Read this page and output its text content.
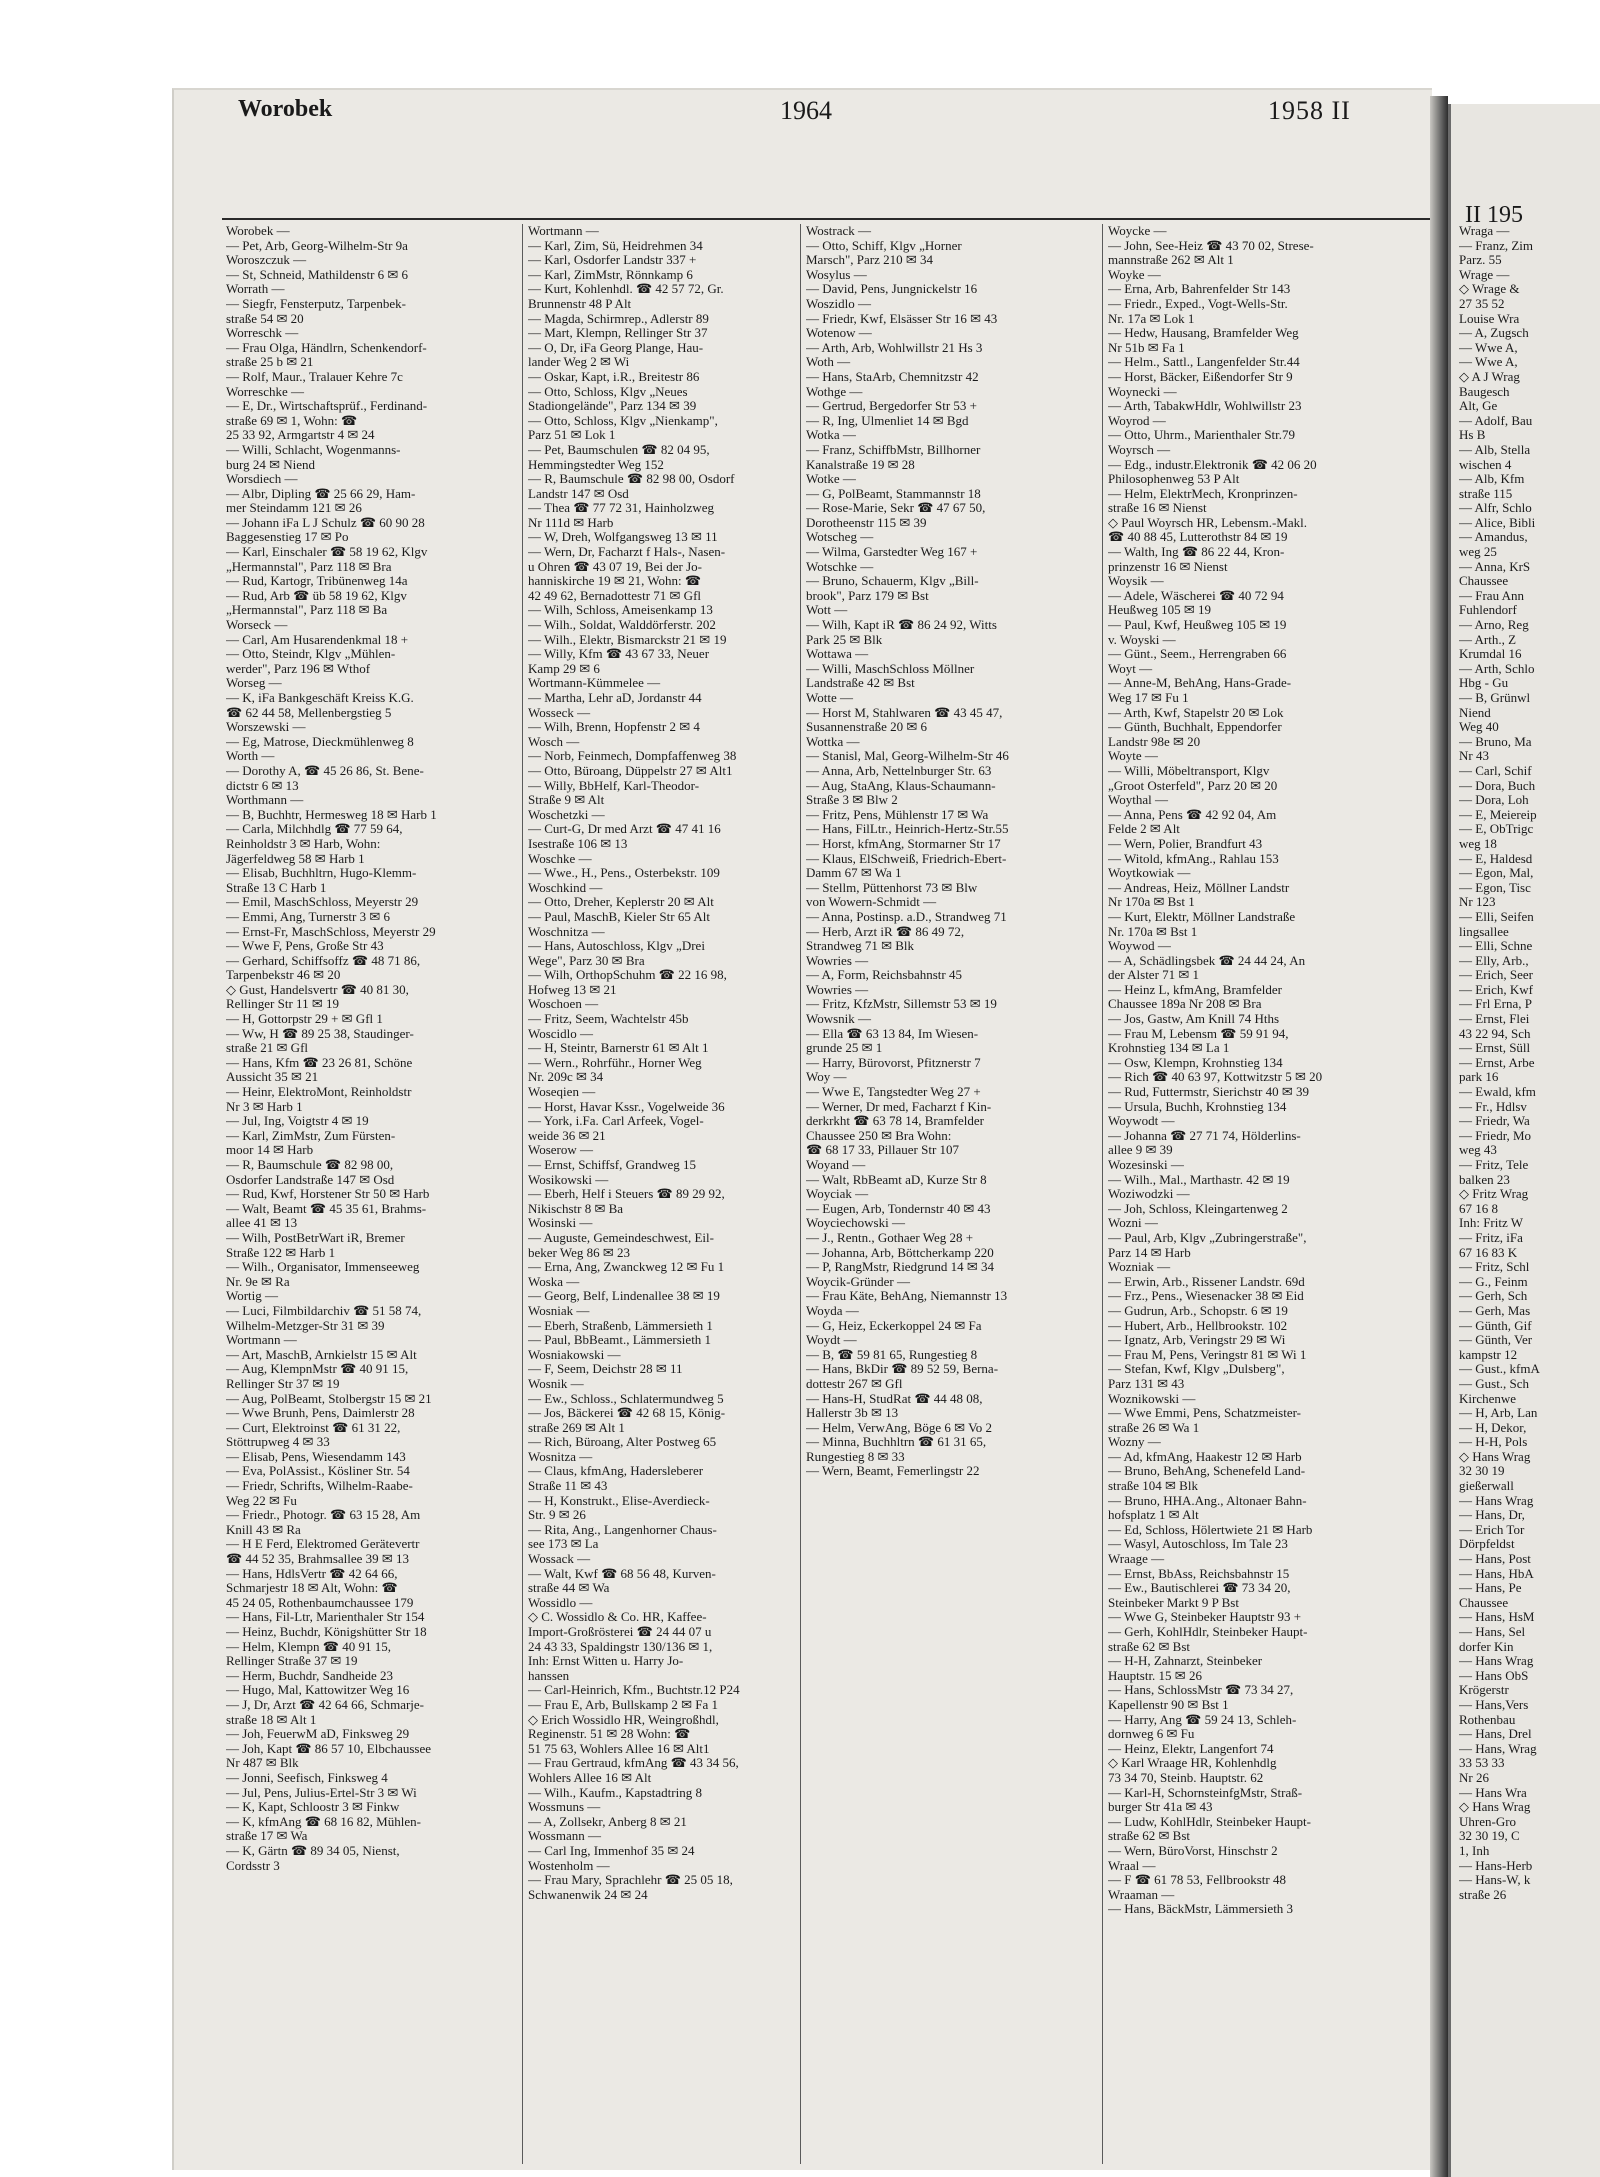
II 195
Wraga —
— Franz, Zim
Parz. 55
Wrage —
◇ Wrage &
27 35 52
Louise Wra
— A, Zugsch
— Wwe A,
— Wwe A,
◇ A J Wrag
Baugesch
Alt, Ge
— Adolf, Bau
Hs B
— Alb, Stella
wischen 4
— Alb, Kfm
straße 115
— Alfr, Schlo
— Alice, Bibli
— Amandus,
weg 25
— Anna, KrS
Chaussee
— Frau Ann
Fuhlendorf
— Arno, Reg
— Arth., Z
Krumdal 16
— Arth, Schlo
Hbg - Gu
— B, Grünwl
Niend
Weg 40
— Bruno, Ma
Nr 43
— Carl, Schif
— Dora, Buch
— Dora, Loh
— E, Meiereip
— E, ObTrigc
weg 18
— E, Haldesd
— Egon, Mal,
— Egon, Tisc
Nr 123
— Elli, Seifen
lingsallee
— Elli, Schne
— Elly, Arb.,
— Erich, Seer
— Erich, Kwf
— Frl Erna, P
— Ernst, Flei
43 22 94, Sch
— Ernst, Süll
— Ernst, Arbe
park 16
— Ewald, kfm
— Fr., Hdlsv
— Friedr, Wa
— Friedr, Mo
weg 43
— Fritz, Tele
balken 23
◇ Fritz Wrag
67 16 8
Inh: Fritz W
— Fritz, iFa
67 16 83 K
— Fritz, Schl
— G., Feinm
— Gerh, Sch
— Gerh, Mas
— Günth, Gif
— Günth, Ver
kampstr 12
— Gust., kfmA
— Gust., Sch
Kirchenwe
— H, Arb, Lan
— H, Dekor,
— H-H, Pols
◇ Hans Wrag
32 30 19
gießerwall
— Hans Wrag
— Hans, Dr,
— Erich Tor
Dörpfeldst
— Hans, Post
— Hans, HbA
— Hans, Pe
Chaussee
— Hans, HsM
— Hans, Sel
dorfer Kin
— Hans Wrag
— Hans ObS
Krögerstr
— Hans,Vers
Rothenbau
— Hans, Drel
— Hans, Wrag
33 53 33
Nr 26
— Hans Wra
◇ Hans Wrag
Uhren-Gro
32 30 19, C
1, Inh
— Hans-Herb
— Hans-W, k
straße 26
Worobek	1964	1958 II
Worobek —
— Pet, Arb, Georg-Wilhelm-Str 9a
Woroszczuk —
— St, Schneid, Mathildenstr 6 ✉ 6
Worrath —
— Siegfr, Fensterputz, Tarpenbek-
straße 54 ✉ 20
Worreschk —
— Frau Olga, Händlrn, Schenkendorf-
straße 25 b ✉ 21
— Rolf, Maur., Tralauer Kehre 7c
Worreschke —
— E, Dr., Wirtschaftsprüf., Ferdinand-
straße 69 ✉ 1, Wohn: ☎
25 33 92, Armgartstr 4 ✉ 24
— Willi, Schlacht, Wogenmanns-
burg 24 ✉ Niend
Worsdiech —
— Albr, Dipling ☎ 25 66 29, Ham-
mer Steindamm 121 ✉ 26
— Johann iFa L J Schulz ☎ 60 90 28
Baggesenstieg 17 ✉ Po
— Karl, Einschaler ☎ 58 19 62, Klgv
„Hermannstal", Parz 118 ✉ Bra
— Rud, Kartogr, Tribünenweg 14a
— Rud, Arb ☎ üb 58 19 62, Klgv
„Hermannstal", Parz 118 ✉ Ba
Worseck —
— Carl, Am Husarendenkmal 18 +
— Otto, Steindr, Klgv „Mühlen-
werder", Parz 196 ✉ Wthof
Worseg —
— K, iFa Bankgeschäft Kreiss K.G.
☎ 62 44 58, Mellenbergstieg 5
Worszewski —
— Eg, Matrose, Dieckmühlenweg 8
Worth —
— Dorothy A, ☎ 45 26 86, St. Bene-
dictstr 6 ✉ 13
Worthmann —
— B, Buchhtr, Hermesweg 18 ✉ Harb 1
— Carla, Milchhdlg ☎ 77 59 64,
Reinholdstr 3 ✉ Harb, Wohn:
Jägerfeldweg 58 ✉ Harb 1
— Elisab, Buchhltrn, Hugo-Klemm-
Straße 13 C Harb 1
— Emil, MaschSchloss, Meyerstr 29
— Emmi, Ang, Turnerstr 3 ✉ 6
— Ernst-Fr, MaschSchloss, Meyerstr 29
— Wwe F, Pens, Große Str 43
— Gerhard, Schiffsoffz ☎ 48 71 86,
Tarpenbekstr 46 ✉ 20
◇ Gust, Handelsvertr ☎ 40 81 30,
Rellinger Str 11 ✉ 19
— H, Gottorpstr 29 + ✉ Gfl 1
— Ww, H ☎ 89 25 38, Staudinger-
straße 21 ✉ Gfl
— Hans, Kfm ☎ 23 26 81, Schöne
Aussicht 35 ✉ 21
— Heinr, ElektroMont, Reinholdstr
Nr 3 ✉ Harb 1
— Jul, Ing, Voigtstr 4 ✉ 19
— Karl, ZimMstr, Zum Fürsten-
moor 14 ✉ Harb
— R, Baumschule ☎ 82 98 00,
Osdorfer Landstraße 147 ✉ Osd
— Rud, Kwf, Horstener Str 50 ✉ Harb
— Walt, Beamt ☎ 45 35 61, Brahms-
allee 41 ✉ 13
— Wilh, PostBetrWart iR, Bremer
Straße 122 ✉ Harb 1
— Wilh., Organisator, Immenseeweg
Nr. 9e ✉ Ra
Wortig —
— Luci, Filmbildarchiv ☎ 51 58 74,
Wilhelm-Metzger-Str 31 ✉ 39
Wortmann —
— Art, MaschB, Arnkielstr 15 ✉ Alt
— Aug, KlempnMstr ☎ 40 91 15,
Rellinger Str 37 ✉ 19
— Aug, PolBeamt, Stolbergstr 15 ✉ 21
— Wwe Brunh, Pens, Daimlerstr 28
— Curt, Elektroinst ☎ 61 31 22,
Stöttrupweg 4 ✉ 33
— Elisab, Pens, Wiesendamm 143
— Eva, PolAssist., Kösliner Str. 54
— Friedr, Schrifts, Wilhelm-Raabe-
Weg 22 ✉ Fu
— Friedr., Photogr. ☎ 63 15 28, Am
Knill 43 ✉ Ra
— H E Ferd, Elektromed Gerätevertr
☎ 44 52 35, Brahmsallee 39 ✉ 13
— Hans, HdlsVertr ☎ 42 64 66,
Schmarjestr 18 ✉ Alt, Wohn: ☎
45 24 05, Rothenbaumchaussee 179
— Hans, Fil-Ltr, Marienthaler Str 154
— Heinz, Buchdr, Königshütter Str 18
— Helm, Klempn ☎ 40 91 15,
Rellinger Straße 37 ✉ 19
— Herm, Buchdr, Sandheide 23
— Hugo, Mal, Kattowitzer Weg 16
— J, Dr, Arzt ☎ 42 64 66, Schmarje-
straße 18 ✉ Alt 1
— Joh, FeuerwM aD, Finksweg 29
— Joh, Kapt ☎ 86 57 10, Elbchaussee
Nr 487 ✉ Blk
— Jonni, Seefisch, Finksweg 4
— Jul, Pens, Julius-Ertel-Str 3 ✉ Wi
— K, Kapt, Schloostr 3 ✉ Finkw
— K, kfmAng ☎ 68 16 82, Mühlen-
straße 17 ✉ Wa
— K, Gärtn ☎ 89 34 05, Nienst,
Cordsstr 3
Wortmann —
— Karl, Zim, Sü, Heidrehmen 34
— Karl, Osdorfer Landstr 337 +
— Karl, ZimMstr, Rönnkamp 6
— Kurt, Kohlenhdl. ☎ 42 57 72, Gr.
Brunnenstr 48 P Alt
— Magda, Schirmrep., Adlerstr 89
— Mart, Klempn, Rellinger Str 37
— O, Dr, iFa Georg Plange, Hau-
lander Weg 2 ✉ Wi
— Oskar, Kapt, i.R., Breitestr 86
— Otto, Schloss, Klgv „Neues
Stadiongelände", Parz 134 ✉ 39
— Otto, Schloss, Klgv „Nienkamp",
Parz 51 ✉ Lok 1
— Pet, Baumschulen ☎ 82 04 95,
Hemmingstedter Weg 152
— R, Baumschule ☎ 82 98 00, Osdorf
Landstr 147 ✉ Osd
— Thea ☎ 77 72 31, Hainholzweg
Nr 111d ✉ Harb
— W, Dreh, Wolfgangsweg 13 ✉ 11
— Wern, Dr, Facharzt f Hals-, Nasen-
u Ohren ☎ 43 07 19, Bei der Jo-
hanniskirche 19 ✉ 21, Wohn: ☎
42 49 62, Bernadottestr 71 ✉ Gfl
— Wilh, Schloss, Ameisenkamp 13
— Wilh., Soldat, Walddörferstr. 202
— Wilh., Elektr, Bismarckstr 21 ✉ 19
— Willy, Kfm ☎ 43 67 33, Neuer
Kamp 29 ✉ 6
Wortmann-Kümmelee —
— Martha, Lehr aD, Jordanstr 44
Wosseck —
— Wilh, Brenn, Hopfenstr 2 ✉ 4
Wosch —
— Norb, Feinmech, Dompfaffenweg 38
— Otto, Büroang, Düppelstr 27 ✉ Alt1
— Willy, BbHelf, Karl-Theodor-
Straße 9 ✉ Alt
Woschetzki —
— Curt-G, Dr med Arzt ☎ 47 41 16
Isestraße 106 ✉ 13
Woschke —
— Wwe., H., Pens., Osterbekstr. 109
Woschkind —
— Otto, Dreher, Keplerstr 20 ✉ Alt
— Paul, MaschB, Kieler Str 65 Alt
Woschnitza —
— Hans, Autoschloss, Klgv „Drei
Wege", Parz 30 ✉ Bra
— Wilh, OrthopSchuhm ☎ 22 16 98,
Hofweg 13 ✉ 21
Woschoen —
— Fritz, Seem, Wachtelstr 45b
Woscidlo —
— H, Steintr, Barnerstr 61 ✉ Alt 1
— Wern., Rohrführ., Horner Weg
Nr. 209c ✉ 34
Woseqien —
— Horst, Havar Kssr., Vogelweide 36
— York, i.Fa. Carl Arfeek, Vogel-
weide 36 ✉ 21
Woserow —
— Ernst, Schiffsf, Grandweg 15
Wosikowski —
— Eberh, Helf i Steuers ☎ 89 29 92,
Nikischstr 8 ✉ Ba
Wosinski —
— Auguste, Gemeindeschwest, Eil-
beker Weg 86 ✉ 23
— Erna, Ang, Zwanckweg 12 ✉ Fu 1
Woska —
— Georg, Belf, Lindenallee 38 ✉ 19
Wosniak —
— Eberh, Straßenb, Lämmersieth 1
— Paul, BbBeamt., Lämmersieth 1
Wosniakowski —
— F, Seem, Deichstr 28 ✉ 11
Wosnik —
— Ew., Schloss., Schlatermundweg 5
— Jos, Bäckerei ☎ 42 68 15, König-
straße 269 ✉ Alt 1
— Rich, Büroang, Alter Postweg 65
Wosnitza —
— Claus, kfmAng, Hadersleberer
Straße 11 ✉ 43
— H, Konstrukt., Elise-Averdieck-
Str. 9 ✉ 26
— Rita, Ang., Langenhorner Chaus-
see 173 ✉ La
Wossack —
— Walt, Kwf ☎ 68 56 48, Kurven-
straße 44 ✉ Wa
Wossidlo —
◇ C. Wossidlo & Co. HR, Kaffee-
Import-Großrösterei ☎ 24 44 07 u
24 43 33, Spaldingstr 130/136 ✉ 1,
Inh: Ernst Witten u. Harry Jo-
hanssen
— Carl-Heinrich, Kfm., Buchtstr.12 P24
— Frau E, Arb, Bullskamp 2 ✉ Fa 1
◇ Erich Wossidlo HR, Weingroßhdl,
Reginenstr. 51 ✉ 28 Wohn: ☎
51 75 63, Wohlers Allee 16 ✉ Alt1
— Frau Gertraud, kfmAng ☎ 43 34 56,
Wohlers Allee 16 ✉ Alt
— Wilh., Kaufm., Kapstadtring 8
Wossmuns —
— A, Zollsekr, Anberg 8 ✉ 21
Wossmann —
— Carl Ing, Immenhof 35 ✉ 24
Wostenholm —
— Frau Mary, Sprachlehr ☎ 25 05 18,
Schwanenwik 24 ✉ 24
Wostrack —
— Otto, Schiff, Klgv „Horner
Marsch", Parz 210 ✉ 34
Wosylus —
— David, Pens, Jungnickelstr 16
Woszidlo —
— Friedr, Kwf, Elsässer Str 16 ✉ 43
Wotenow —
— Arth, Arb, Wohlwillstr 21 Hs 3
Woth —
— Hans, StaArb, Chemnitzstr 42
Wothge —
— Gertrud, Bergedorfer Str 53 +
— R, Ing, Ulmenliet 14 ✉ Bgd
Wotka —
— Franz, SchiffbMstr, Billhorner
Kanalstraße 19 ✉ 28
Wotke —
— G, PolBeamt, Stammannstr 18
— Rose-Marie, Sekr ☎ 47 67 50,
Dorotheenstr 115 ✉ 39
Wotscheg —
— Wilma, Garstedter Weg 167 +
Wotschke —
— Bruno, Schauerm, Klgv „Bill-
brook", Parz 179 ✉ Bst
Wott —
— Wilh, Kapt iR ☎ 86 24 92, Witts
Park 25 ✉ Blk
Wottawa —
— Willi, MaschSchloss Möllner
Landstraße 42 ✉ Bst
Wotte —
— Horst M, Stahlwaren ☎ 43 45 47,
Susannenstraße 20 ✉ 6
Wottka —
— Stanisl, Mal, Georg-Wilhelm-Str 46
— Anna, Arb, Nettelnburger Str. 63
— Aug, StaAng, Klaus-Schaumann-
Straße 3 ✉ Blw 2
— Fritz, Pens, Mühlenstr 17 ✉ Wa
— Hans, FilLtr., Heinrich-Hertz-Str.55
— Horst, kfmAng, Stormarner Str 17
— Klaus, ElSchweiß, Friedrich-Ebert-
Damm 67 ✉ Wa 1
— Stellm, Püttenhorst 73 ✉ Blw
von Wowern-Schmidt —
— Anna, Postinsp. a.D., Strandweg 71
— Herb, Arzt iR ☎ 86 49 72,
Strandweg 71 ✉ Blk
Wowries —
— A, Form, Reichsbahnstr 45
Wowries —
— Fritz, KfzMstr, Sillemstr 53 ✉ 19
Wowsnik —
— Ella ☎ 63 13 84, Im Wiesen-
grunde 25 ✉ 1
— Harry, Bürovorst, Pfitznerstr 7
Woy —
— Wwe E, Tangstedter Weg 27 +
— Werner, Dr med, Facharzt f Kin-
derkrkht ☎ 63 78 14, Bramfelder
Chaussee 250 ✉ Bra Wohn:
☎ 68 17 33, Pillauer Str 107
Woyand —
— Walt, RbBeamt aD, Kurze Str 8
Woyciak —
— Eugen, Arb, Tondernstr 40 ✉ 43
Woyciechowski —
— J., Rentn., Gothaer Weg 28 +
— Johanna, Arb, Böttcherkamp 220
— P, RangMstr, Riedgrund 14 ✉ 34
Woycik-Gründer —
— Frau Käte, BehAng, Niemannstr 13
Woyda —
— G, Heiz, Eckerkoppel 24 ✉ Fa
Woydt —
— B, ☎ 59 81 65, Rungestieg 8
— Hans, BkDir ☎ 89 52 59, Berna-
dottestr 267 ✉ Gfl
— Hans-H, StudRat ☎ 44 48 08,
Hallerstr 3b ✉ 13
— Helm, VerwAng, Böge 6 ✉ Vo 2
— Minna, Buchhltrn ☎ 61 31 65,
Rungestieg 8 ✉ 33
— Wern, Beamt, Femerlingstr 22
Woycke —
— John, See-Heiz ☎ 43 70 02, Strese-
mannstraße 262 ✉ Alt 1
Woyke —
— Erna, Arb, Bahrenfelder Str 143
— Friedr., Exped., Vogt-Wells-Str.
Nr. 17a ✉ Lok 1
— Hedw, Hausang, Bramfelder Weg
Nr 51b ✉ Fa 1
— Helm., Sattl., Langenfelder Str.44
— Horst, Bäcker, Eißendorfer Str 9
Woynecki —
— Arth, TabakwHdlr, Wohlwillstr 23
Woyrod —
— Otto, Uhrm., Marienthaler Str.79
Woyrsch —
— Edg., industr.Elektronik ☎ 42 06 20
Philosophenweg 53 P Alt
— Helm, ElektrMech, Kronprinzen-
straße 16 ✉ Nienst
◇ Paul Woyrsch HR, Lebensm.-Makl.
☎ 40 88 45, Lutterothstr 84 ✉ 19
— Walth, Ing ☎ 86 22 44, Kron-
prinzenstr 16 ✉ Nienst
Woysik —
— Adele, Wäscherei ☎ 40 72 94
Heußweg 105 ✉ 19
— Paul, Kwf, Heußweg 105 ✉ 19
v. Woyski —
— Günt., Seem., Herrengraben 66
Woyt —
— Anne-M, BehAng, Hans-Grade-
Weg 17 ✉ Fu 1
— Arth, Kwf, Stapelstr 20 ✉ Lok
— Günth, Buchhalt, Eppendorfer
Landstr 98e ✉ 20
Woyte —
— Willi, Möbeltransport, Klgv
„Groot Osterfeld", Parz 20 ✉ 20
Woythal —
— Anna, Pens ☎ 42 92 04, Am
Felde 2 ✉ Alt
— Wern, Polier, Brandfurt 43
— Witold, kfmAng., Rahlau 153
Woytkowiak —
— Andreas, Heiz, Möllner Landstr
Nr 170a ✉ Bst 1
— Kurt, Elektr, Möllner Landstraße
Nr. 170a ✉ Bst 1
Woywod —
— A, Schädlingsbek ☎ 24 44 24, An
der Alster 71 ✉ 1
— Heinz L, kfmAng, Bramfelder
Chaussee 189a Nr 208 ✉ Bra
— Jos, Gastw, Am Knill 74 Hths
— Frau M, Lebensm ☎ 59 91 94,
Krohnstieg 134 ✉ La 1
— Osw, Klempn, Krohnstieg 134
— Rich ☎ 40 63 97, Kottwitzstr 5 ✉ 20
— Rud, Futtermstr, Sierichstr 40 ✉ 39
— Ursula, Buchh, Krohnstieg 134
Woywodt —
— Johanna ☎ 27 71 74, Hölderlins-
allee 9 ✉ 39
Wozesinski —
— Wilh., Mal., Marthastr. 42 ✉ 19
Woziwodzki —
— Joh, Schloss, Kleingartenweg 2
Wozni —
— Paul, Arb, Klgv „Zubringerstraße",
Parz 14 ✉ Harb
Wozniak —
— Erwin, Arb., Rissener Landstr. 69d
— Frz., Pens., Wiesenacker 38 ✉ Eid
— Gudrun, Arb., Schopstr. 6 ✉ 19
— Hubert, Arb., Hellbrookstr. 102
— Ignatz, Arb, Veringstr 29 ✉ Wi
— Frau M, Pens, Veringstr 81 ✉ Wi 1
— Stefan, Kwf, Klgv „Dulsberg",
Parz 131 ✉ 43
Woznikowski —
— Wwe Emmi, Pens, Schatzmeister-
straße 26 ✉ Wa 1
Wozny —
— Ad, kfmAng, Haakestr 12 ✉ Harb
— Bruno, BehAng, Schenefeld Land-
straße 104 ✉ Blk
— Bruno, HHA.Ang., Altonaer Bahn-
hofsplatz 1 ✉ Alt
— Ed, Schloss, Hölertwiete 21 ✉ Harb
— Wasyl, Autoschloss, Im Tale 23
Wraage —
— Ernst, BbAss, Reichsbahnstr 15
— Ew., Bautischlerei ☎ 73 34 20,
Steinbeker Markt 9 P Bst
— Wwe G, Steinbeker Hauptstr 93 +
— Gerh, KohlHdlr, Steinbeker Haupt-
straße 62 ✉ Bst
— H-H, Zahnarzt, Steinbeker
Hauptstr. 15 ✉ 26
— Hans, SchlossMstr ☎ 73 34 27,
Kapellenstr 90 ✉ Bst 1
— Harry, Ang ☎ 59 24 13, Schleh-
dornweg 6 ✉ Fu
— Heinz, Elektr, Langenfort 74
◇ Karl Wraage HR, Kohlenhdlg
73 34 70, Steinb. Hauptstr. 62
— Karl-H, SchornsteinfgMstr, Straß-
burger Str 41a ✉ 43
— Ludw, KohlHdlr, Steinbeker Haupt-
straße 62 ✉ Bst
— Wern, BüroVorst, Hinschstr 2
Wraal —
— F ☎ 61 78 53, Fellbrookstr 48
Wraaman —
— Hans, BäckMstr, Lämmersieth 3
